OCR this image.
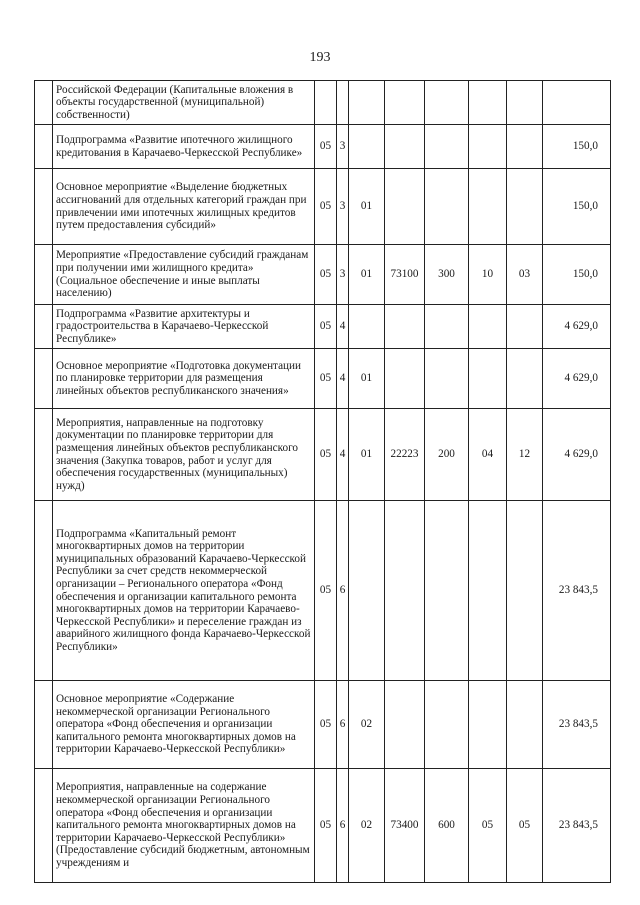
193
	Российской Федерации (Капитальные вложения в объекты государственной (муниципальной) собственности)								
	Подпрограмма «Развитие ипотечного жилищного кредитования в Карачаево-Черкесской Республике»	05	3						150,0
	Основное мероприятие «Выделение бюджетных ассигнований для отдельных категорий граждан при привлечении ими ипотечных жилищных кредитов путем предоставления субсидий»	05	3	01					150,0
	Мероприятие «Предоставление субсидий гражданам при получении ими жилищного кредита» (Социальное обеспечение и иные выплаты населению)	05	3	01	73100	300	10	03	150,0
	Подпрограмма «Развитие архитектуры и градостроительства в Карачаево-Черкесской Республике»	05	4						4 629,0
	Основное мероприятие «Подготовка документации по планировке территории для размещения линейных объектов республиканского значения»	05	4	01					4 629,0
	Мероприятия, направленные на подготовку документации по планировке территории для размещения линейных объектов республиканского значения (Закупка товаров, работ и услуг для обеспечения государственных (муниципальных) нужд)	05	4	01	22223	200	04	12	4 629,0
	Подпрограмма «Капитальный ремонт многоквартирных домов на территории муниципальных образований Карачаево-Черкесской Республики за счет средств некоммерческой организации – Регионального оператора «Фонд обеспечения и организации капитального ремонта многоквартирных домов на территории Карачаево-Черкесской Республики» и переселение граждан из аварийного жилищного фонда Карачаево-Черкесской Республики»	05	6						23 843,5
	Основное мероприятие «Содержание некоммерческой организации Регионального оператора «Фонд обеспечения и организации капитального ремонта многоквартирных домов на территории Карачаево-Черкесской Республики»	05	6	02					23 843,5
	Мероприятия, направленные на содержание некоммерческой организации Регионального оператора «Фонд обеспечения и организации капитального ремонта многоквартирных домов на территории Карачаево-Черкесской Республики» (Предоставление субсидий бюджетным, автономным учреждениям и	05	6	02	73400	600	05	05	23 843,5
